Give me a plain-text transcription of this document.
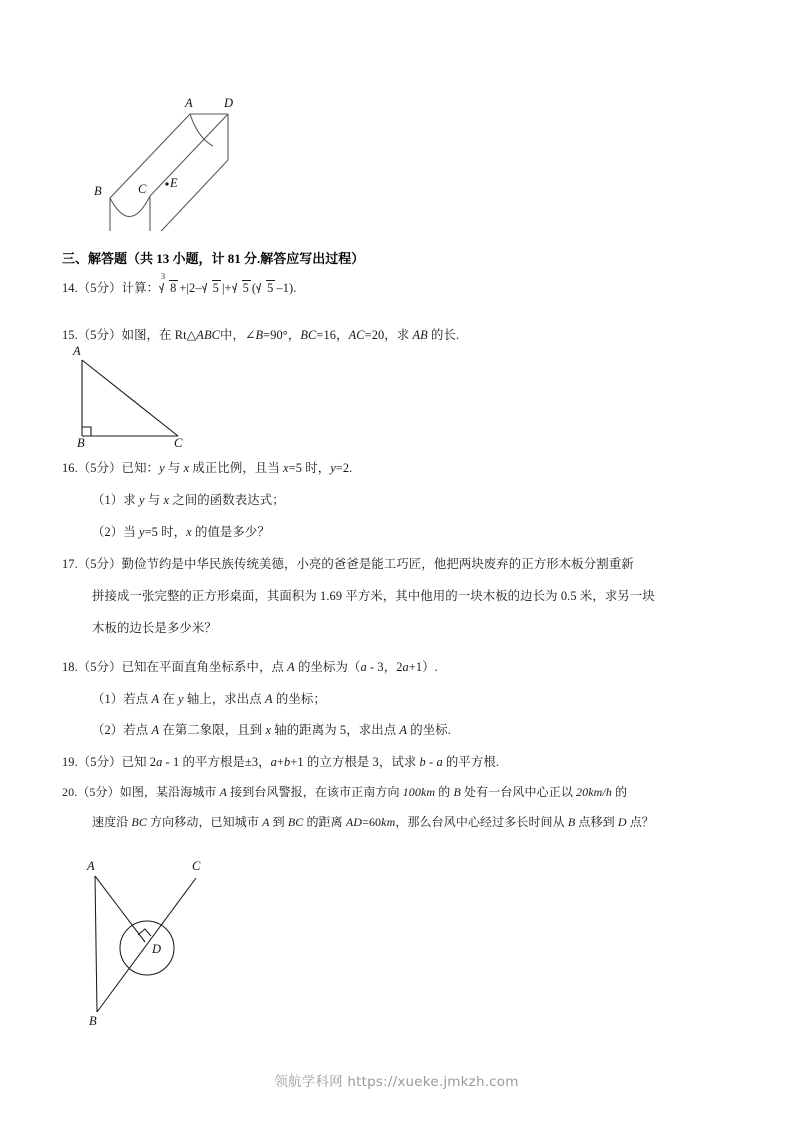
A	D
B	C E
三、解答题（共 13 小题，计 81 分.解答应写出过程）
14.（5分）计算：
3
8 +|2– 5 |+ 5 ( 5 –1).
15.（5分）如图，在 Rt△ABC中，∠B=90°，BC=16，AC=20，求 AB 的长.
A
B	C
16.（5分）已知：y 与 x 成正比例，且当 x=5 时，y=2.
（1）求 y 与 x 之间的函数表达式；
（2）当 y=5 时，x 的值是多少？
17.（5分）勤俭节约是中华民族传统美德，小亮的爸爸是能工巧匠，他把两块废弃的正方形木板分割重新
拼接成一张完整的正方形桌面，其面积为 1.69 平方米，其中他用的一块木板的边长为 0.5 米，求另一块
木板的边长是多少米？
18.（5分）已知在平面直角坐标系中，点 A 的坐标为（a - 3，2a+1）.
（1）若点 A 在 y 轴上，求出点 A 的坐标；
（2）若点 A 在第二象限，且到 x 轴的距离为 5，求出点 A 的坐标.
19.（5分）已知 2a - 1 的平方根是±3，a+b+1 的立方根是 3，试求 b - a 的平方根.
20.（5分）如图，某沿海城市 A 接到台风警报，在该市正南方向 100km 的 B 处有一台风中心正以 20km/h 的
速度沿 BC 方向移动，已知城市 A 到 BC 的距离 AD=60km，那么台风中心经过多长时间从 B 点移到 D 点？
A	C
D
B
领航学科网 https://xueke.jmkzh.com
